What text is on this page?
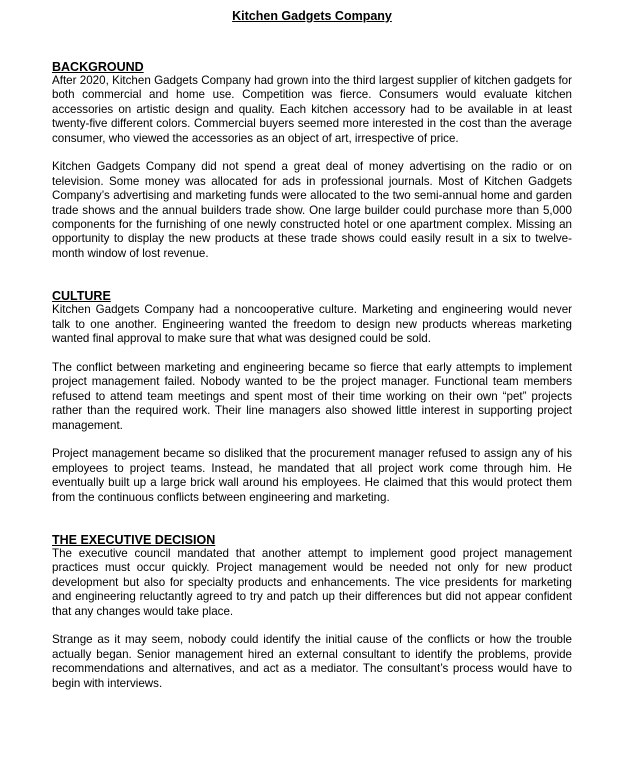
Kitchen Gadgets Company
BACKGROUND

After 2020, Kitchen Gadgets Company had grown into the third largest supplier of kitchen gadgets for both commercial and home use. Competition was fierce. Consumers would evaluate kitchen accessories on artistic design and quality. Each kitchen accessory had to be available in at least twenty-five different colors. Commercial buyers seemed more interested in the cost than the average consumer, who viewed the accessories as an object of art, irrespective of price.

Kitchen Gadgets Company did not spend a great deal of money advertising on the radio or on television. Some money was allocated for ads in professional journals. Most of Kitchen Gadgets Company’s advertising and marketing funds were allocated to the two semi-annual home and garden trade shows and the annual builders trade show. One large builder could purchase more than 5,000 components for the furnishing of one newly constructed hotel or one apartment complex. Missing an opportunity to display the new products at these trade shows could easily result in a six to twelve-month window of lost revenue.

CULTURE

Kitchen Gadgets Company had a noncooperative culture. Marketing and engineering would never talk to one another. Engineering wanted the freedom to design new products whereas marketing wanted final approval to make sure that what was designed could be sold.

The conflict between marketing and engineering became so fierce that early attempts to implement project management failed. Nobody wanted to be the project manager. Functional team members refused to attend team meetings and spent most of their time working on their own “pet” projects rather than the required work. Their line managers also showed little interest in supporting project management.

Project management became so disliked that the procurement manager refused to assign any of his employees to project teams. Instead, he mandated that all project work come through him. He eventually built up a large brick wall around his employees. He claimed that this would protect them from the continuous conflicts between engineering and marketing.

THE EXECUTIVE DECISION

The executive council mandated that another attempt to implement good project management practices must occur quickly. Project management would be needed not only for new product development but also for specialty products and enhancements. The vice presidents for marketing and engineering reluctantly agreed to try and patch up their differences but did not appear confident that any changes would take place.

Strange as it may seem, nobody could identify the initial cause of the conflicts or how the trouble actually began. Senior management hired an external consultant to identify the problems, provide recommendations and alternatives, and act as a mediator. The consultant’s process would have to begin with interviews.
